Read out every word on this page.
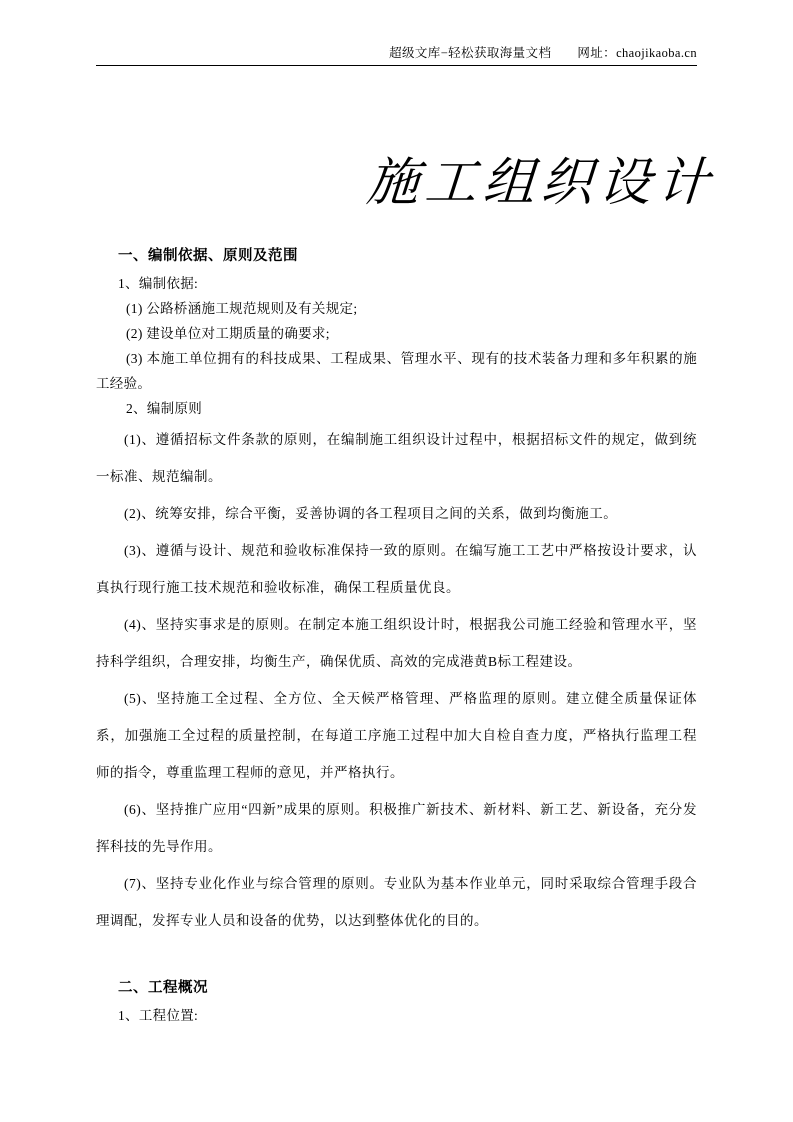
超级文库−轻松获取海量文档 网址：chaojikaoba.cn
施工组织设计
一、编制依据、原则及范围

1、编制依据:

(1) 公路桥涵施工规范规则及有关规定;

(2) 建设单位对工期质量的确要求;

(3) 本施工单位拥有的科技成果、工程成果、管理水平、现有的技术装备力理和多年积累的施工经验。

2、编制原则

(1)、遵循招标文件条款的原则，在编制施工组织设计过程中，根据招标文件的规定，做到统一标准、规范编制。

(2)、统筹安排，综合平衡，妥善协调的各工程项目之间的关系，做到均衡施工。

(3)、遵循与设计、规范和验收标准保持一致的原则。在编写施工工艺中严格按设计要求，认真执行现行施工技术规范和验收标准，确保工程质量优良。

(4)、坚持实事求是的原则。在制定本施工组织设计时，根据我公司施工经验和管理水平，坚持科学组织，合理安排，均衡生产，确保优质、高效的完成港黄B标工程建设。

(5)、坚持施工全过程、全方位、全天候严格管理、严格监理的原则。建立健全质量保证体系，加强施工全过程的质量控制，在每道工序施工过程中加大自检自查力度，严格执行监理工程师的指令，尊重监理工程师的意见，并严格执行。

(6)、坚持推广应用“四新”成果的原则。积极推广新技术、新材料、新工艺、新设备，充分发挥科技的先导作用。

(7)、坚持专业化作业与综合管理的原则。专业队为基本作业单元，同时采取综合管理手段合理调配，发挥专业人员和设备的优势，以达到整体优化的目的。

二、工程概况

1、工程位置:
